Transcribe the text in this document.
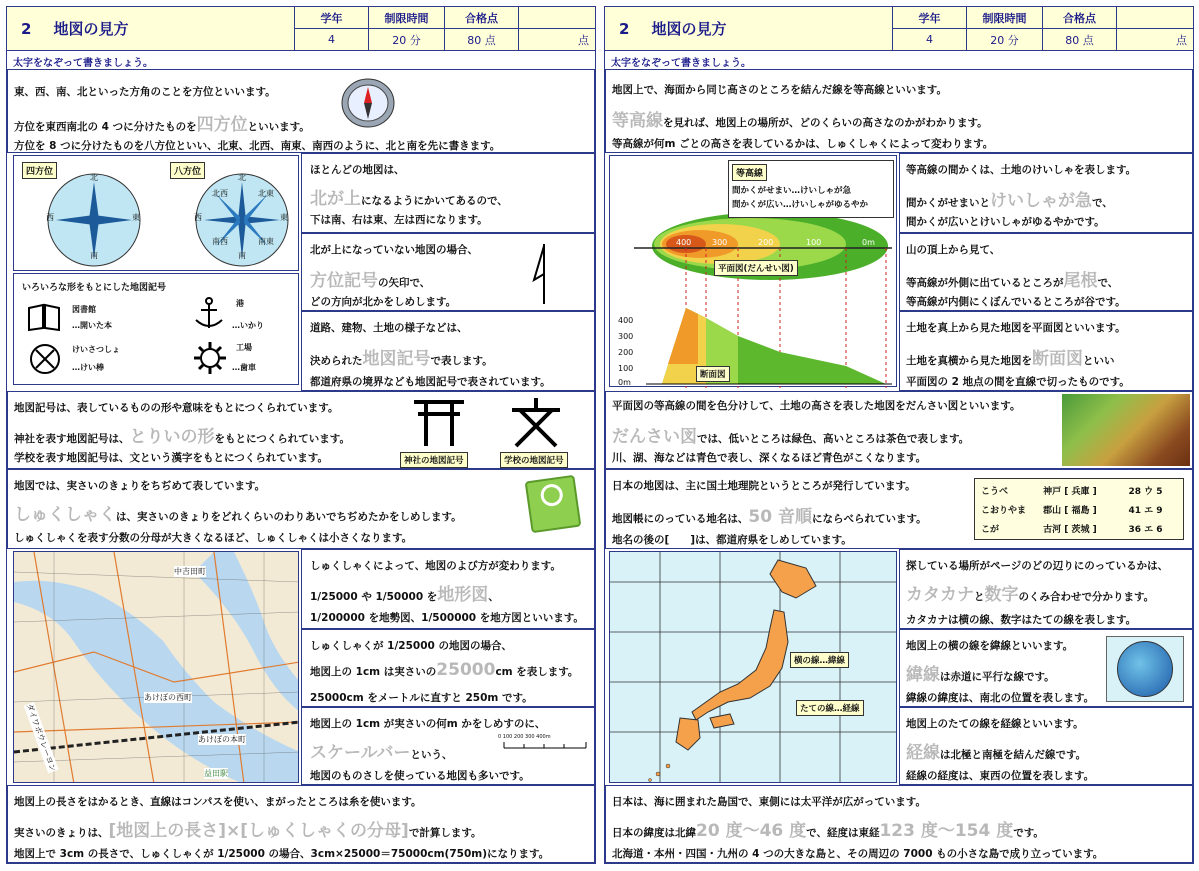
2 地図の見方
学年
4
制限時間
20 分
合格点
80 点	点
太字をなぞって書きましょう。
東、西、南、北といった方角のことを方位といいます。
方位を東西南北の 4 つに分けたものを四方位といいます。
方位を 8 つに分けたものを八方位といい、北東、北西、南東、南西のように、北と南を先に書きます。
四方位	八方位
北
南
西	東
北
南
西	東
北西	北東
南西	南東
いろいろな形をもとにした地図記号
図書館
…開いた本
港
…いかり
けいさつしょ
…けい棒
工場
…歯車
ほとんどの地図は、
北が上になるようにかいてあるので、
下は南、右は東、左は西になります。
北が上になっていない地図の場合、
方位記号の矢印で、
どの方向が北かをしめします。
道路、建物、土地の様子などは、
決められた地図記号で表します。
都道府県の境界なども地図記号で表されています。
地図記号は、表しているものの形や意味をもとにつくられています。
神社を表す地図記号は、とりいの形をもとにつくられています。
学校を表す地図記号は、文という漢字をもとにつくられています。	神社の地図記号	学校の地図記号
地図では、実さいのきょりをちぢめて表しています。
しゅくしゃくは、実さいのきょりをどれくらいのわりあいでちぢめたかをしめします。
しゅくしゃくを表す分数の分母が大きくなるほど、しゅくしゃくは小さくなります。
中吉田町
あけぼの西町
あけぼの本町
ダイワボウレーヨン
益田駅
しゅくしゃくによって、地図のよび方が変わります。
1/25000 や 1/50000 を地形図、
1/200000 を地勢図、1/500000 を地方図といいます。
しゅくしゃくが 1/25000 の地図の場合、
地図上の 1cm は実さいの25000cm を表します。
25000cm をメートルに直すと 250m です。
地図上の 1cm が実さいの何m かをしめすのに、
スケールバーという、
地図のものさしを使っている地図も多いです。
0 100 200 300 400m
地図上の長さをはかるとき、直線はコンパスを使い、まがったところは糸を使います。
実さいのきょりは、[地図上の長さ]×[しゅくしゃくの分母]で計算します。
地図上で 3cm の長さで、しゅくしゃくが 1/25000 の場合、3cm×25000＝75000cm(750m)になります。
2 地図の見方
学年
4
制限時間
20 分
合格点
80 点	点
太字をなぞって書きましょう。
地図上で、海面から同じ高さのところを結んだ線を等高線といいます。
等高線を見れば、地図上の場所が、どのくらいの高さなのかがわかります。
等高線が何m ごとの高さを表しているかは、しゅくしゃくによって変わります。
等高線
間かくがせまい…けいしゃが急
間かくが広い…けいしゃがゆるやか
400	300	200	100	0m
平面図(だんせい図)
400
300
200
100
0m
断面図
等高線の間かくは、土地のけいしゃを表します。
間かくがせまいとけいしゃが急で、
間かくが広いとけいしゃがゆるやかです。
山の頂上から見て、
等高線が外側に出ているところが尾根で、
等高線が内側にくぼんでいるところが谷です。
土地を真上から見た地図を平面図といいます。
土地を真横から見た地図を断面図といい
平面図の 2 地点の間を直線で切ったものです。
平面図の等高線の間を色分けして、土地の高さを表した地図をだんさい図といいます。
だんさい図では、低いところは緑色、高いところは茶色で表します。
川、湖、海などは青色で表し、深くなるほど青色がこくなります。
日本の地図は、主に国土地理院というところが発行しています。
地図帳にのっている地名は、50 音順にならべられています。
地名の後の[　　]は、都道府県をしめしています。
こうべ	神戸 [ 兵庫 ]	28 ウ 5
こおりやま	郡山 [ 福島 ]	41 エ 9
こが	古河 [ 茨城 ]	36 エ 6
横の線…緯線
たての線…経線
探している場所がページのどの辺りにのっているかは、
カタカナと数字のくみ合わせで分かります。
カタカナは横の線、数字はたての線を表します。
地図上の横の線を緯線といいます。
緯線は赤道に平行な線です。
緯線の緯度は、南北の位置を表します。
地図上のたての線を経線といいます。
経線は北極と南極を結んだ線です。
経線の経度は、東西の位置を表します。
日本は、海に囲まれた島国で、東側には太平洋が広がっています。
日本の緯度は北緯20 度～46 度で、経度は東経123 度～154 度です。
北海道・本州・四国・九州の 4 つの大きな島と、その周辺の 7000 もの小さな島で成り立っています。
